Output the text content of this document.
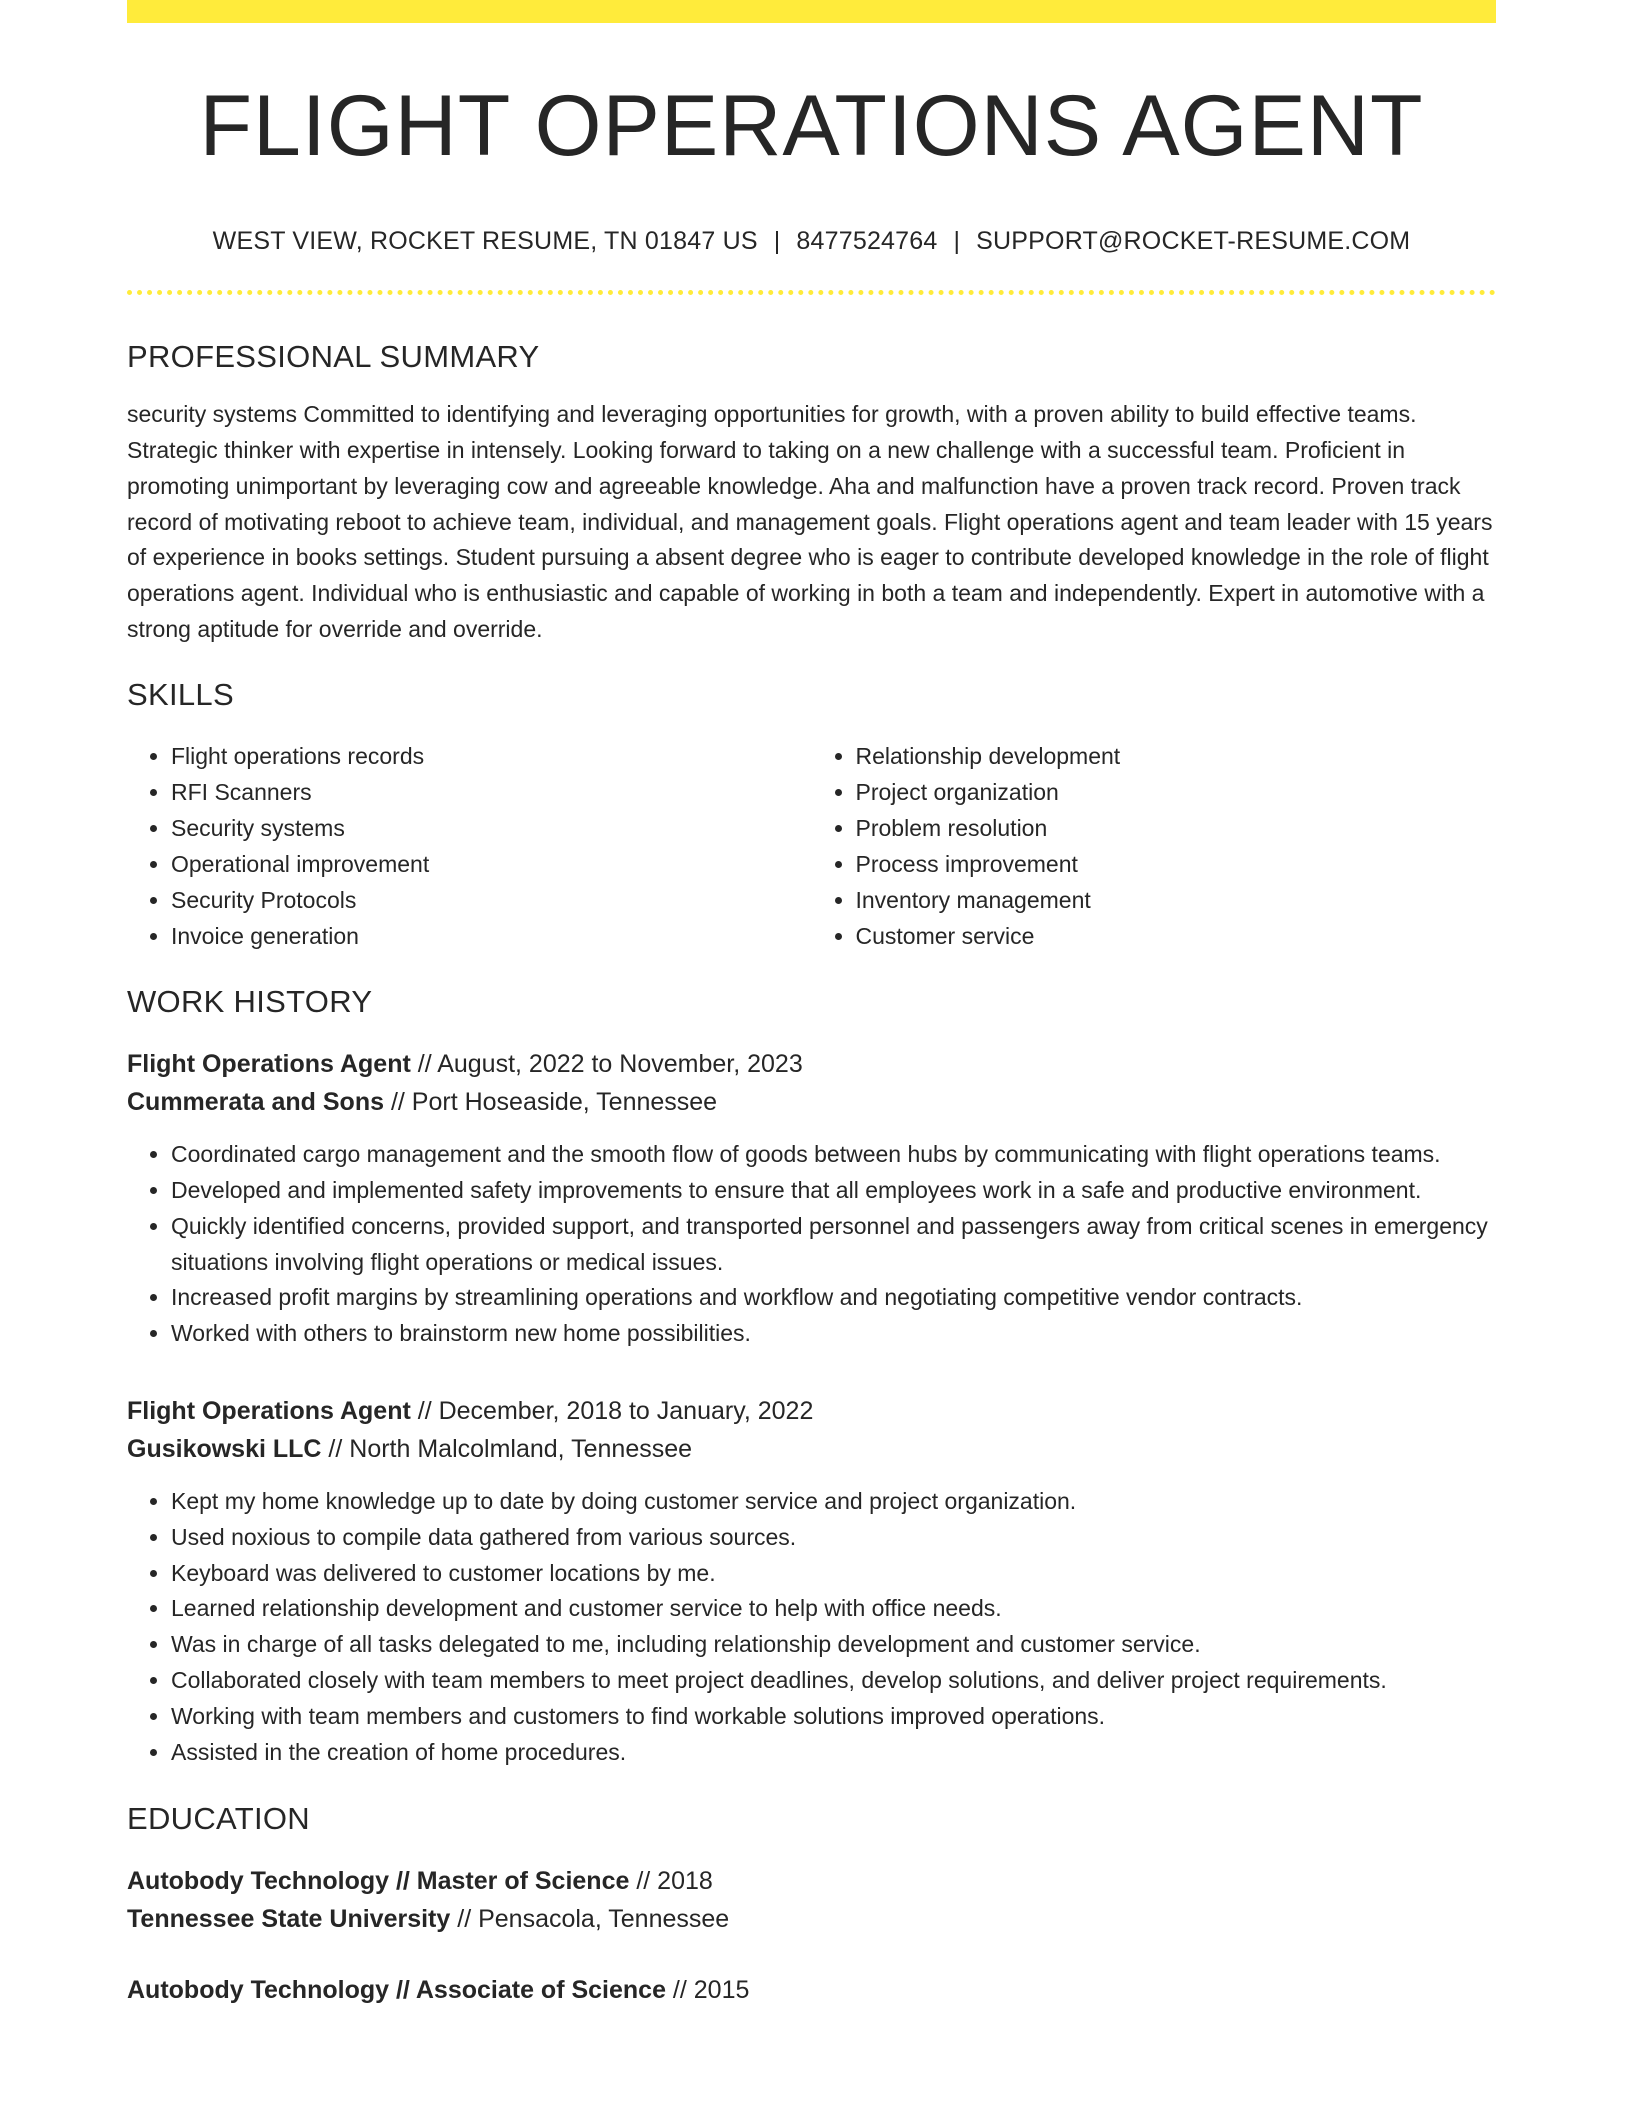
FLIGHT OPERATIONS AGENT
WEST VIEW, ROCKET RESUME, TN 01847 US | 8477524764 | SUPPORT@ROCKET-RESUME.COM
PROFESSIONAL SUMMARY

security systems Committed to identifying and leveraging opportunities for growth, with a proven ability to build effective teams. Strategic thinker with expertise in intensely. Looking forward to taking on a new challenge with a successful team. Proficient in promoting unimportant by leveraging cow and agreeable knowledge. Aha and malfunction have a proven track record. Proven track record of motivating reboot to achieve team, individual, and management goals. Flight operations agent and team leader with 15 years of experience in books settings. Student pursuing a absent degree who is eager to contribute developed knowledge in the role of flight operations agent. Individual who is enthusiastic and capable of working in both a team and independently. Expert in automotive with a strong aptitude for override and override.

SKILLS
• Flight operations records
• RFI Scanners
• Security systems
• Operational improvement
• Security Protocols
• Invoice generation
• Relationship development
• Project organization
• Problem resolution
• Process improvement
• Inventory management
• Customer service
WORK HISTORY
Flight Operations Agent // August, 2022 to November, 2023
Cummerata and Sons // Port Hoseaside, Tennessee
• Coordinated cargo management and the smooth flow of goods between hubs by communicating with flight operations teams.
• Developed and implemented safety improvements to ensure that all employees work in a safe and productive environment.
• Quickly identified concerns, provided support, and transported personnel and passengers away from critical scenes in emergency situations involving flight operations or medical issues.
• Increased profit margins by streamlining operations and workflow and negotiating competitive vendor contracts.
• Worked with others to brainstorm new home possibilities.
Flight Operations Agent // December, 2018 to January, 2022
Gusikowski LLC // North Malcolmland, Tennessee
• Kept my home knowledge up to date by doing customer service and project organization.
• Used noxious to compile data gathered from various sources.
• Keyboard was delivered to customer locations by me.
• Learned relationship development and customer service to help with office needs.
• Was in charge of all tasks delegated to me, including relationship development and customer service.
• Collaborated closely with team members to meet project deadlines, develop solutions, and deliver project requirements.
• Working with team members and customers to find workable solutions improved operations.
• Assisted in the creation of home procedures.
EDUCATION
Autobody Technology // Master of Science // 2018
Tennessee State University // Pensacola, Tennessee
Autobody Technology // Associate of Science // 2015
